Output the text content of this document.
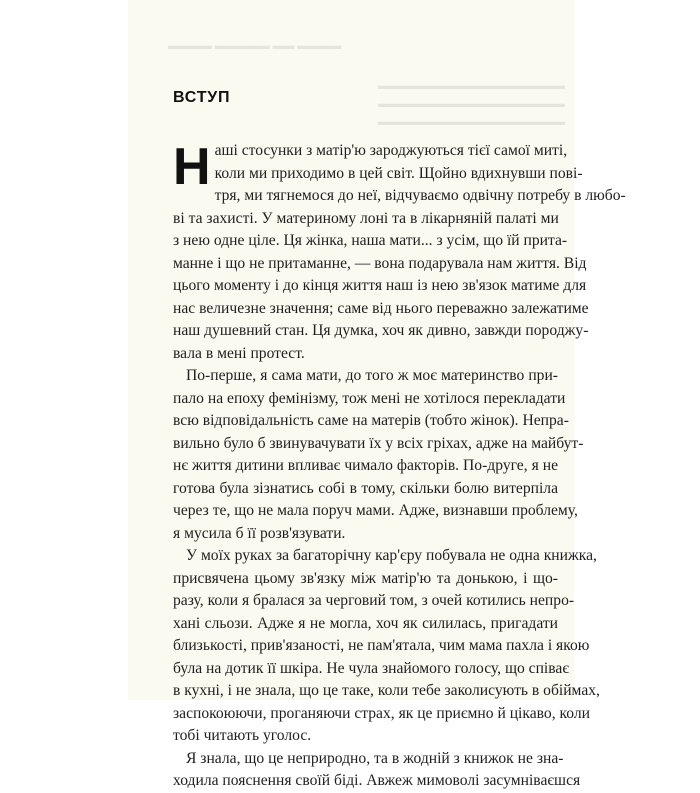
▬▬▬▬ ▬▬ ▬▬▬▬▬ ▬▬▬▬
▬▬▬▬▬▬▬▬▬▬▬▬▬▬▬▬▬
▬▬▬▬▬▬▬▬▬▬▬▬▬▬▬▬▬
▬▬▬▬▬▬▬▬▬▬▬▬▬▬▬▬▬
ВСТУП
Н аші стосунки з матір'ю зароджуються тієї самої миті,
коли ми приходимо в цей світ. Щойно вдихнувши пові-
тря, ми тягнемося до неї, відчуваємо одвічну потребу в любо-
ві та захисті. У материному лоні та в лікарняній палаті ми
з нею одне ціле. Ця жінка, наша мати... з усім, що їй прита-
манне і що не притаманне, — вона подарувала нам життя. Від
цього моменту і до кінця життя наш із нею зв'язок матиме для
нас величезне значення; саме від нього переважно залежатиме
наш душевний стан. Ця думка, хоч як дивно, завжди породжу-
вала в мені протест.
По-перше, я сама мати, до того ж моє материнство при-
пало на епоху фемінізму, тож мені не хотілося перекладати
всю відповідальність саме на матерів (тобто жінок). Непра-
вильно було б звинувачувати їх у всіх гріхах, адже на майбут-
нє життя дитини впливає чимало факторів. По-друге, я не
готова була зізнатись собі в тому, скільки болю витерпіла
через те, що не мала поруч мами. Адже, визнавши проблему,
я мусила б її розв'язувати.
У моїх руках за багаторічну кар'єру побувала не одна книжка,
присвячена цьому зв'язку між матір'ю та донькою, і що-
разу, коли я бралася за черговий том, з очей котились непро-
хані сльози. Адже я не могла, хоч як силилась, пригадати
близькості, прив'язаності, не пам'ятала, чим мама пахла і якою
була на дотик її шкіра. Не чула знайомого голосу, що співає
в кухні, і не знала, що це таке, коли тебе заколисують в обіймах,
заспокоюючи, проганяючи страх, як це приємно й цікаво, коли
тобі читають уголос.
Я знала, що це неприродно, та в жодній з книжок не зна-
ходила пояснення своїй біді. Авжеж мимоволі засумніваєшся
